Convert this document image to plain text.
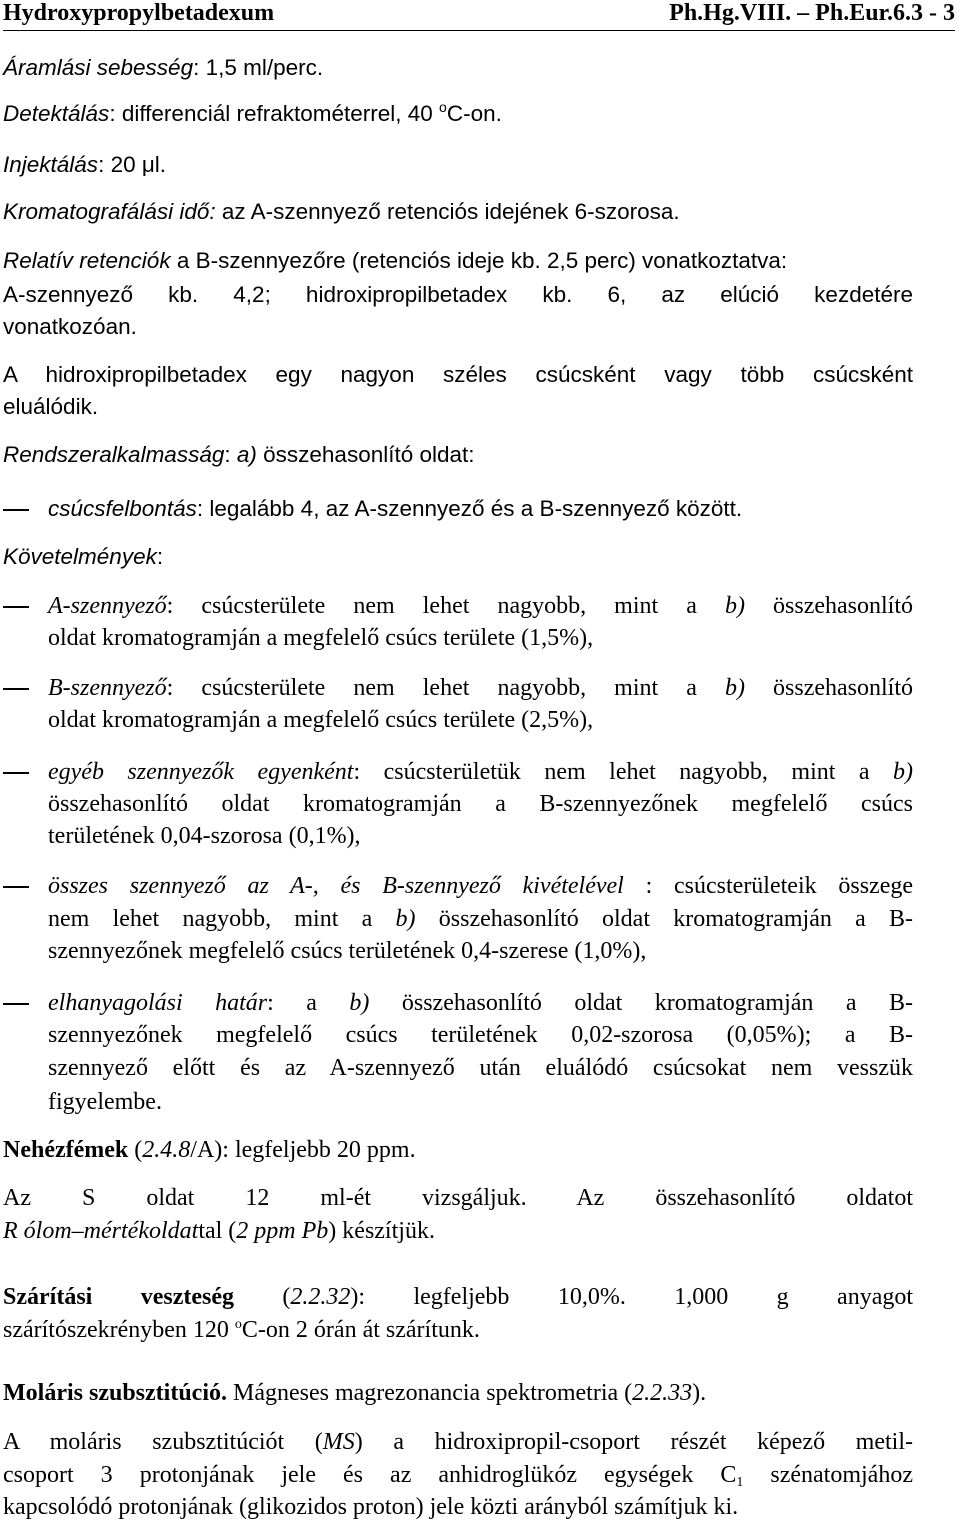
Hydroxypropylbetadexum	Ph.Hg.VIII. – Ph.Eur.6.3 - 3
Áramlási sebesség: 1,5 ml/perc.
Detektálás: differenciál refraktométerrel, 40 $^o$C-on.
Injektálás: 20 μl.
Kromatografálási idő: az A-szennyező retenciós idejének 6-szorosa.
Relatív retenciók a B-szennyezőre (retenciós ideje kb. 2,5 perc) vonatkoztatva:
A-szennyező kb. 4,2; hidroxipropilbetadex kb. 6, az elúció kezdetére
vonatkozóan.
A hidroxipropilbetadex egy nagyon széles csúcsként vagy több csúcsként
eluálódik.
Rendszeralkalmasság: a) összehasonlító oldat:
csúcsfelbontás: legalább 4, az A-szennyező és a B-szennyező között.
Követelmények:
A-szennyező: csúcsterülete nem lehet nagyobb, mint a b) összehasonlító
oldat kromatogramján a megfelelő csúcs területe (1,5%),
B-szennyező: csúcsterülete nem lehet nagyobb, mint a b) összehasonlító
oldat kromatogramján a megfelelő csúcs területe (2,5%),
egyéb szennyezők egyenként: csúcsterületük nem lehet nagyobb, mint a b)
összehasonlító oldat kromatogramján a B-szennyezőnek megfelelő csúcs
területének 0,04-szorosa (0,1%),
összes szennyező az A-, és B-szennyező kivételével : csúcsterületeik összege
nem lehet nagyobb, mint a b) összehasonlító oldat kromatogramján a B-
szennyezőnek megfelelő csúcs területének 0,4-szerese (1,0%),
elhanyagolási határ: a b) összehasonlító oldat kromatogramján a B-
szennyezőnek megfelelő csúcs területének 0,02-szorosa (0,05%); a B-
szennyező előtt és az A-szennyező után eluálódó csúcsokat nem vesszük
figyelembe.
Nehézfémek (2.4.8/A): legfeljebb 20 ppm.
Az S oldat 12 ml-ét vizsgáljuk. Az összehasonlító oldatot
R ólom–mértékoldattal (2 ppm Pb) készítjük.
Szárítási veszteség (2.2.32): legfeljebb 10,0%. 1,000 g anyagot
szárítószekrényben 120 $^o$C-on 2 órán át szárítunk.
Moláris szubsztitúció. Mágneses magrezonancia spektrometria (2.2.33).
A moláris szubsztitúciót (MS) a hidroxipropil-csoport részét képező metil-
csoport 3 protonjának jele és az anhidroglükóz egységek $C_1$ szénatomjához
kapcsolódó protonjának (glikozidos proton) jele közti arányból számítjuk ki.
